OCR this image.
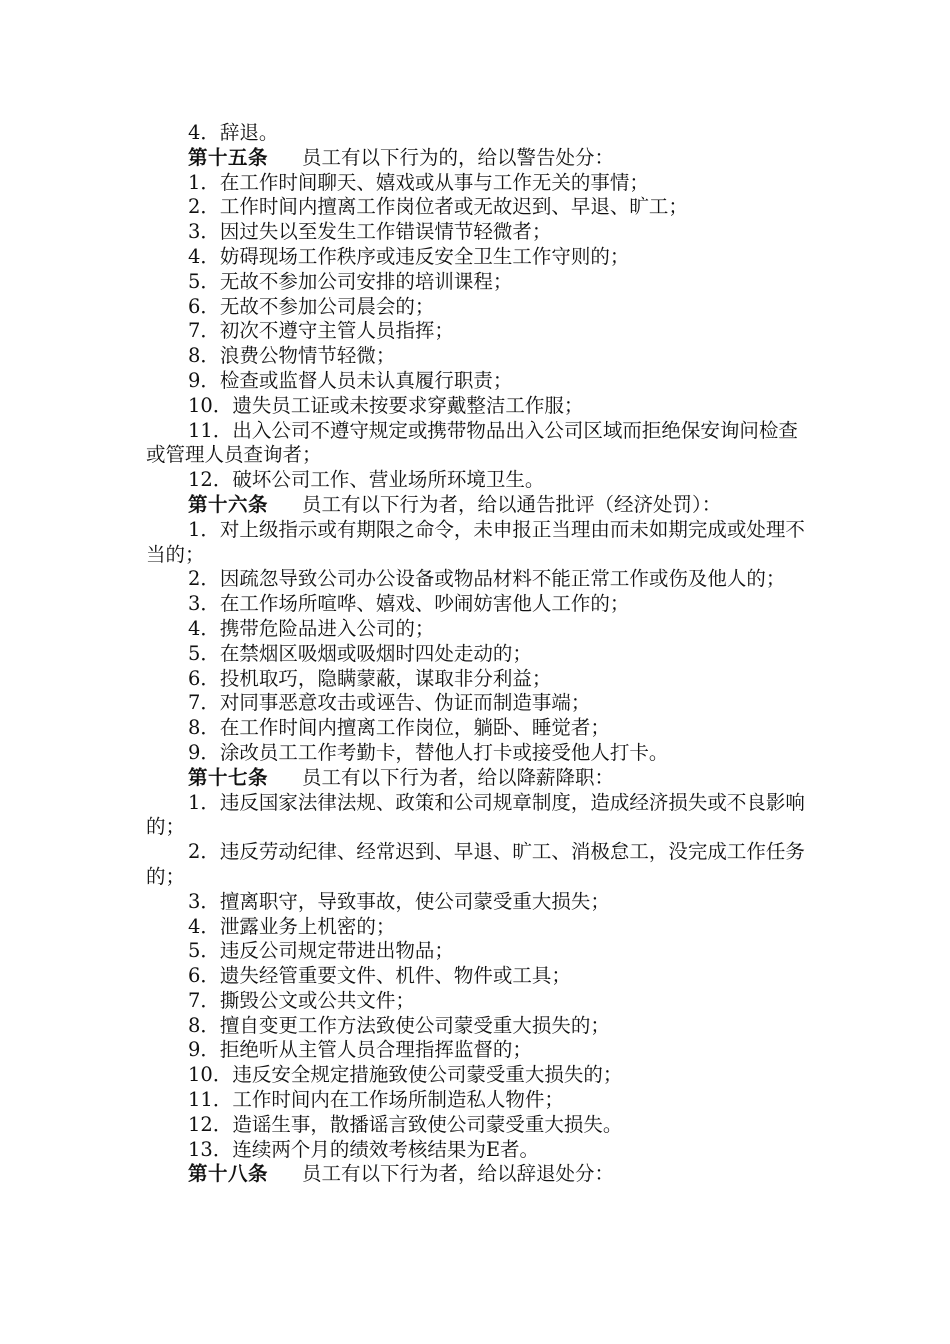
4．辞退。
第十五条 员工有以下行为的，给以警告处分：
1．在工作时间聊天、嬉戏或从事与工作无关的事情；
2．工作时间内擅离工作岗位者或无故迟到、早退、旷工；
3．因过失以至发生工作错误情节轻微者；
4．妨碍现场工作秩序或违反安全卫生工作守则的；
5．无故不参加公司安排的培训课程；
6．无故不参加公司晨会的；
7．初次不遵守主管人员指挥；
8．浪费公物情节轻微；
9．检查或监督人员未认真履行职责；
10．遗失员工证或未按要求穿戴整洁工作服；
11．出入公司不遵守规定或携带物品出入公司区域而拒绝保安询问检查或管理人员查询者；
12．破坏公司工作、营业场所环境卫生。
第十六条 员工有以下行为者，给以通告批评（经济处罚）：
1．对上级指示或有期限之命令，未申报正当理由而未如期完成或处理不当的；
2．因疏忽导致公司办公设备或物品材料不能正常工作或伤及他人的；
3．在工作场所喧哗、嬉戏、吵闹妨害他人工作的；
4．携带危险品进入公司的；
5．在禁烟区吸烟或吸烟时四处走动的；
6．投机取巧，隐瞒蒙蔽，谋取非分利益；
7．对同事恶意攻击或诬告、伪证而制造事端；
8．在工作时间内擅离工作岗位，躺卧、睡觉者；
9．涂改员工工作考勤卡，替他人打卡或接受他人打卡。
第十七条 员工有以下行为者，给以降薪降职：
1．违反国家法律法规、政策和公司规章制度，造成经济损失或不良影响的；
2．违反劳动纪律、经常迟到、早退、旷工、消极怠工，没完成工作任务的；
3．擅离职守，导致事故，使公司蒙受重大损失；
4．泄露业务上机密的；
5．违反公司规定带进出物品；
6．遗失经管重要文件、机件、物件或工具；
7．撕毁公文或公共文件；
8．擅自变更工作方法致使公司蒙受重大损失的；
9．拒绝听从主管人员合理指挥监督的；
10．违反安全规定措施致使公司蒙受重大损失的；
11．工作时间内在工作场所制造私人物件；
12．造谣生事，散播谣言致使公司蒙受重大损失。
13．连续两个月的绩效考核结果为E者。
第十八条 员工有以下行为者，给以辞退处分：
